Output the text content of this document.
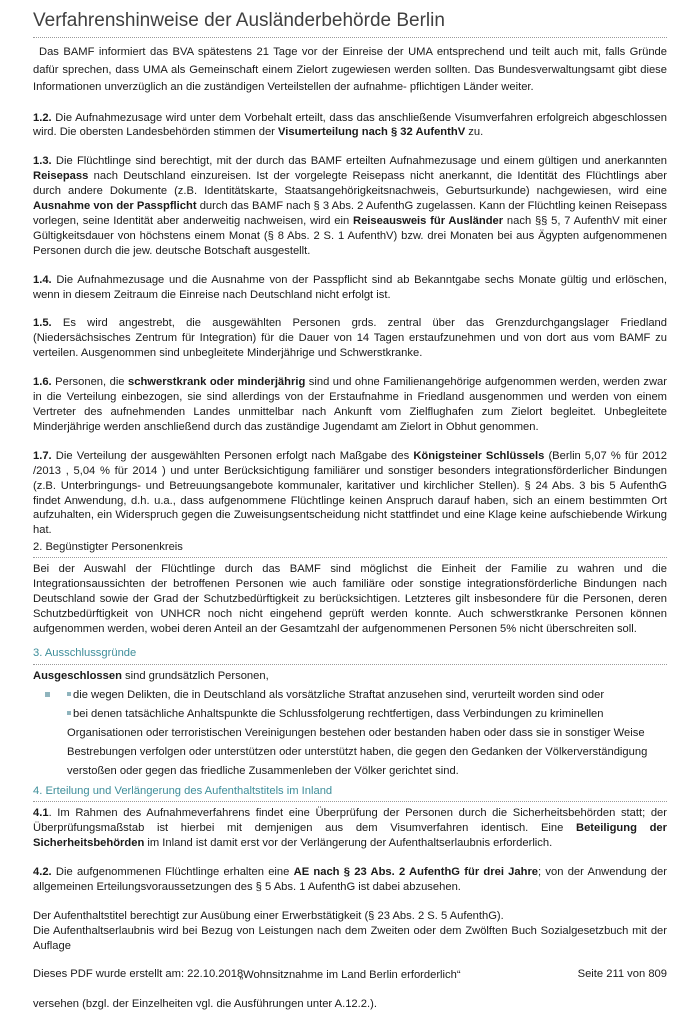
Verfahrenshinweise der Ausländerbehörde Berlin

Das BAMF informiert das BVA spätestens 21 Tage vor der Einreise der UMA entsprechend und teilt auch mit, falls Gründe dafür sprechen, dass UMA als Gemeinschaft einem Zielort zugewiesen werden sollten. Das Bundesverwaltungsamt gibt diese Informationen unverzüglich an die zuständigen Verteilstellen der aufnahme- pflichtigen Länder weiter.

1.2. Die Aufnahmezusage wird unter dem Vorbehalt erteilt, dass das anschließende Visumverfahren erfolgreich abgeschlossen wird. Die obersten Landesbehörden stimmen der Visumerteilung nach § 32 AufenthV zu.

1.3. Die Flüchtlinge sind berechtigt, mit der durch das BAMF erteilten Aufnahmezusage und einem gültigen und anerkannten Reisepass nach Deutschland einzureisen. Ist der vorgelegte Reisepass nicht anerkannt, die Identität des Flüchtlings aber durch andere Dokumente (z.B. Identitätskarte, Staatsangehörigkeitsnachweis, Geburtsurkunde) nachgewiesen, wird eine Ausnahme von der Passpflicht durch das BAMF nach § 3 Abs. 2 AufenthG zugelassen. Kann der Flüchtling keinen Reisepass vorlegen, seine Identität aber anderweitig nachweisen, wird ein Reiseausweis für Ausländer nach §§ 5, 7 AufenthV mit einer Gültigkeitsdauer von höchstens einem Monat (§ 8 Abs. 2 S. 1 AufenthV) bzw. drei Monaten bei aus Ägypten aufgenommenen Personen durch die jew. deutsche Botschaft ausgestellt.

1.4. Die Aufnahmezusage und die Ausnahme von der Passpflicht sind ab Bekanntgabe sechs Monate gültig und erlöschen, wenn in diesem Zeitraum die Einreise nach Deutschland nicht erfolgt ist.

1.5. Es wird angestrebt, die ausgewählten Personen grds. zentral über das Grenzdurchgangslager Friedland (Niedersächsisches Zentrum für Integration) für die Dauer von 14 Tagen erstaufzunehmen und von dort aus vom BAMF zu verteilen. Ausgenommen sind unbegleitete Minderjährige und Schwerstkranke.

1.6. Personen, die schwerstkrank oder minderjährig sind und ohne Familienangehörige aufgenommen werden, werden zwar in die Verteilung einbezogen, sie sind allerdings von der Erstaufnahme in Friedland ausgenommen und werden von einem Vertreter des aufnehmenden Landes unmittelbar nach Ankunft vom Zielflughafen zum Zielort begleitet. Unbegleitete Minderjährige werden anschließend durch das zuständige Jugendamt am Zielort in Obhut genommen.

1.7. Die Verteilung der ausgewählten Personen erfolgt nach Maßgabe des Königsteiner Schlüssels (Berlin 5,07 % für 2012 /2013 , 5,04 % für 2014 ) und unter Berücksichtigung familiärer und sonstiger besonders integrationsförderlicher Bindungen (z.B. Unterbringungs- und Betreuungsangebote kommunaler, karitativer und kirchlicher Stellen). § 24 Abs. 3 bis 5 AufenthG findet Anwendung, d.h. u.a., dass aufgenommene Flüchtlinge keinen Anspruch darauf haben, sich an einem bestimmten Ort aufzuhalten, ein Widerspruch gegen die Zuweisungsentscheidung nicht stattfindet und eine Klage keine aufschiebende Wirkung hat.

2. Begünstigter Personenkreis

Bei der Auswahl der Flüchtlinge durch das BAMF sind möglichst die Einheit der Familie zu wahren und die Integrationsaussichten der betroffenen Personen wie auch familiäre oder sonstige integrationsförderliche Bindungen nach Deutschland sowie der Grad der Schutzbedürftigkeit zu berücksichtigen. Letzteres gilt insbesondere für die Personen, deren Schutzbedürftigkeit von UNHCR noch nicht eingehend geprüft werden konnte. Auch schwerstkranke Personen können aufgenommen werden, wobei deren Anteil an der Gesamtzahl der aufgenommenen Personen 5% nicht überschreiten soll.

3. Ausschlussgründe

Ausgeschlossen sind grundsätzlich Personen,

die wegen Delikten, die in Deutschland als vorsätzliche Straftat anzusehen sind, verurteilt worden sind oder
bei denen tatsächliche Anhaltspunkte die Schlussfolgerung rechtfertigen, dass Verbindungen zu kriminellen Organisationen oder terroristischen Vereinigungen bestehen oder bestanden haben oder dass sie in sonstiger Weise Bestrebungen verfolgen oder unterstützen oder unterstützt haben, die gegen den Gedanken der Völkerverständigung verstoßen oder gegen das friedliche Zusammenleben der Völker gerichtet sind.
4. Erteilung und Verlängerung des Aufenthaltstitels im Inland

4.1. Im Rahmen des Aufnahmeverfahrens findet eine Überprüfung der Personen durch die Sicherheitsbehörden statt; der Überprüfungsmaßstab ist hierbei mit demjenigen aus dem Visumverfahren identisch. Eine Beteiligung der Sicherheitsbehörden im Inland ist damit erst vor der Verlängerung der Aufenthaltserlaubnis erforderlich.

4.2. Die aufgenommenen Flüchtlinge erhalten eine AE nach § 23 Abs. 2 AufenthG für drei Jahre; von der Anwendung der allgemeinen Erteilungsvoraussetzungen des § 5 Abs. 1 AufenthG ist dabei abzusehen.

Der Aufenthaltstitel berechtigt zur Ausübung einer Erwerbstätigkeit (§ 23 Abs. 2 S. 5 AufenthG).

Die Aufenthaltserlaubnis wird bei Bezug von Leistungen nach dem Zweiten oder dem Zwölften Buch Sozialgesetzbuch mit der Auflage

„Wohnsitznahme im Land Berlin erforderlich“

versehen (bzgl. der Einzelheiten vgl. die Ausführungen unter A.12.2.).

Dieses PDF wurde erstellt am: 22.10.2018	Seite 211 von 809
